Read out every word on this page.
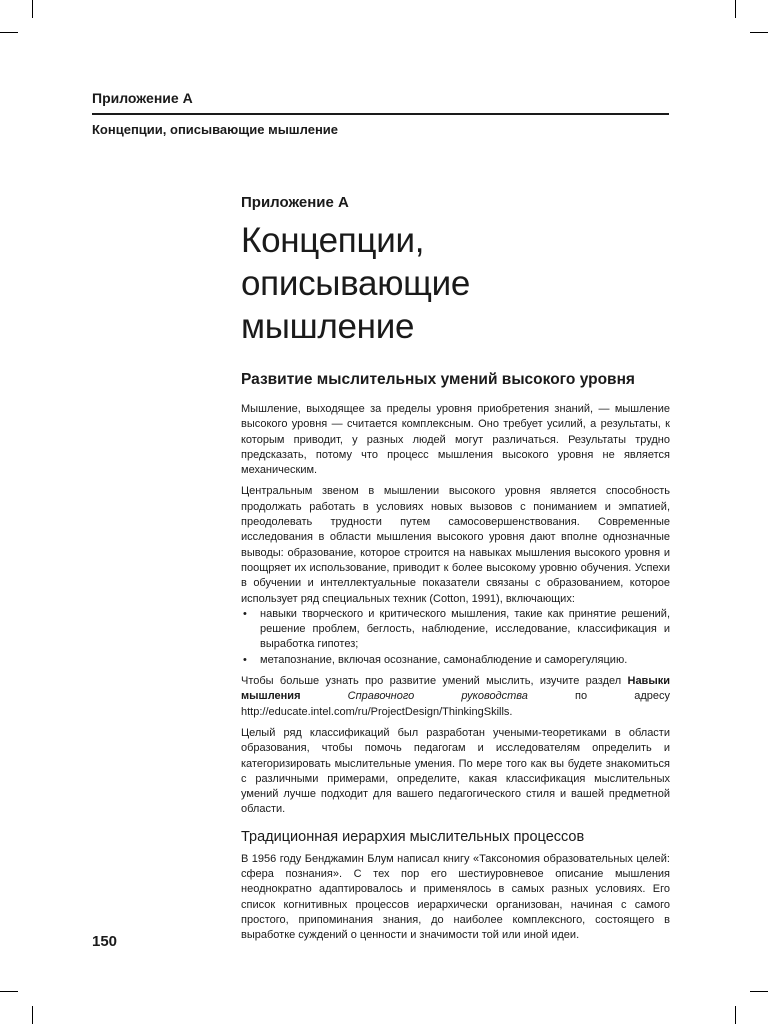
Приложение A
Концепции, описывающие мышление
Приложение A
Концепции,
описывающие
мышление
Развитие мыслительных умений высокого уровня

Мышление, выходящее за пределы уровня приобретения знаний, — мышление высокого уровня — считается комплексным. Оно требует усилий, а результаты, к которым приводит, у разных людей могут различаться. Результаты трудно предсказать, потому что процесс мышления высокого уровня не является механическим.

Центральным звеном в мышлении высокого уровня является способность продолжать работать в условиях новых вызовов с пониманием и эмпатией, преодолевать трудности путем самосовершенствования. Современные исследования в области мышления высокого уровня дают вполне однозначные выводы: образование, которое строится на навыках мышления высокого уровня и поощряет их использование, приводит к более высокому уровню обучения. Успехи в обучении и интеллектуальные показатели связаны с образованием, которое использует ряд специальных техник (Cotton, 1991), включающих:

• навыки творческого и критического мышления, такие как принятие решений, решение проблем, беглость, наблюдение, исследование, классификация и выработка гипотез;
• метапознание, включая осознание, самонаблюдение и саморегуляцию.

Чтобы больше узнать про развитие умений мыслить, изучите раздел Навыки мышления	Справочного руководства по адресу http://educate.intel.com/ru/ProjectDesign/ThinkingSkills.

Целый ряд классификаций был разработан учеными-теоретиками в области образования, чтобы помочь педагогам и исследователям определить и категоризировать мыслительные умения. По мере того как вы будете знакомиться с различными примерами, определите, какая классификация мыслительных умений лучше подходит для вашего педагогического стиля и вашей предметной области.

Традиционная иерархия мыслительных процессов

В 1956 году Бенджамин Блум написал книгу «Таксономия образовательных целей: сфера познания». С тех пор его шестиуровневое описание мышления неоднократно адаптировалось и применялось в самых разных условиях. Его список когнитивных процессов иерархически организован, начиная с самого простого, припоминания знания, до наиболее комплексного, состоящего в выработке суждений о ценности и значимости той или иной идеи.

150
